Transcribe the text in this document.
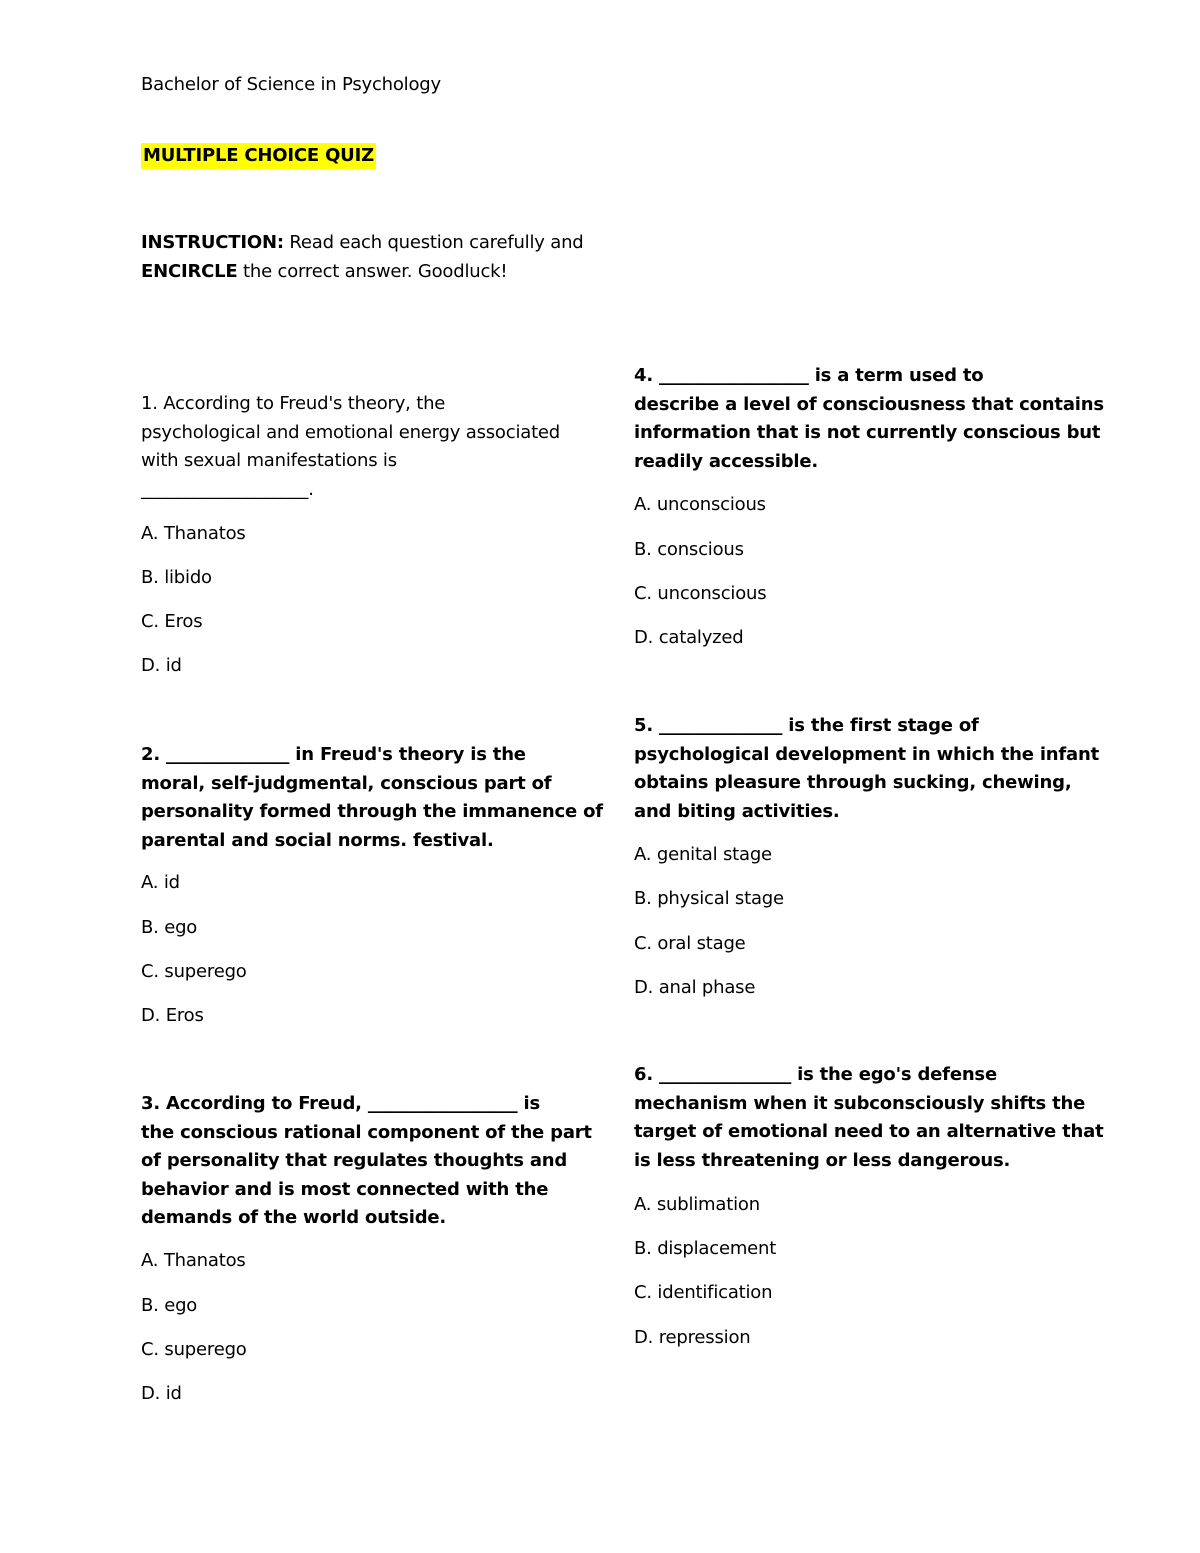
Bachelor of Science in Psychology
MULTIPLE CHOICE QUIZ
INSTRUCTION: Read each question carefully and
ENCIRCLE the correct answer. Goodluck!
1. According to Freud's theory, the
psychological and emotional energy associated
with sexual manifestations is
___________________.
A. Thanatos
B. libido
C. Eros
D. id
2. ______________ in Freud's theory is the
moral, self-judgmental, conscious part of
personality formed through the immanence of
parental and social norms. festival.
A. id
B. ego
C. superego
D. Eros
3. According to Freud, _________________ is
the conscious rational component of the part
of personality that regulates thoughts and
behavior and is most connected with the
demands of the world outside.
A. Thanatos
B. ego
C. superego
D. id
4. _________________ is a term used to
describe a level of consciousness that contains
information that is not currently conscious but
readily accessible.
A. unconscious
B. conscious
C. unconscious
D. catalyzed
5. ______________ is the first stage of
psychological development in which the infant
obtains pleasure through sucking, chewing,
and biting activities.
A. genital stage
B. physical stage
C. oral stage
D. anal phase
6. _______________ is the ego's defense
mechanism when it subconsciously shifts the
target of emotional need to an alternative that
is less threatening or less dangerous.
A. sublimation
B. displacement
C. identification
D. repression
